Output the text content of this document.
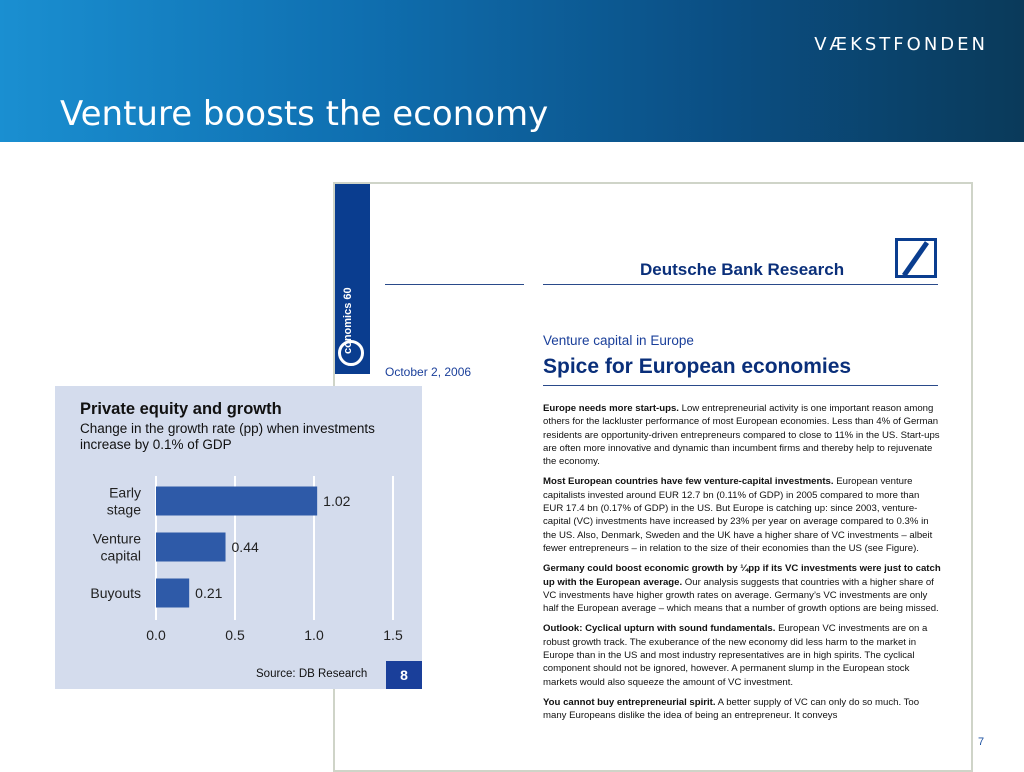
VÆKSTFONDEN
Venture boosts the economy
conomics 60
Deutsche Bank Research
October 2, 2006
Venture capital in Europe
Spice for European economies

Europe needs more start-ups. Low entrepreneurial activity is one important reason among others for the lackluster performance of most European economies. Less than 4% of German residents are opportunity-driven entrepreneurs compared to close to 11% in the US. Start-ups are often more innovative and dynamic than incumbent firms and thereby help to rejuvenate the economy.

Most European countries have few venture-capital investments. European venture capitalists invested around EUR 12.7 bn (0.11% of GDP) in 2005 compared to more than EUR 17.4 bn (0.17% of GDP) in the US. But Europe is catching up: since 2003, venture-capital (VC) investments have increased by 23% per year on average compared to 0.3% in the US. Also, Denmark, Sweden and the UK have a higher share of VC investments – albeit fewer entrepreneurs – in relation to the size of their economies than the US (see Figure).

Germany could boost economic growth by ¼pp if its VC investments were just to catch up with the European average. Our analysis suggests that countries with a higher share of VC investments have higher growth rates on average. Germany’s VC investments are only half the European average – which means that a number of growth options are being missed.

Outlook: Cyclical upturn with sound fundamentals. European VC investments are on a robust growth track. The exuberance of the new economy did less harm to the market in Europe than in the US and most industry representatives are in high spirits. The cyclical component should not be ignored, however. A permanent slump in the European stock markets would also squeeze the amount of VC investment.

You cannot buy entrepreneurial spirit. A better supply of VC can only do so much. Too many Europeans dislike the idea of being an entrepreneur. It conveys

Private equity and growth
Change in the growth rate (pp) when investments increase by 0.1% of GDP
0.0	0.5	1.0	1.5
1.02
Early
stage
0.44
Venture
capital
0.21
Buyouts
Source: DB Research	8
7
